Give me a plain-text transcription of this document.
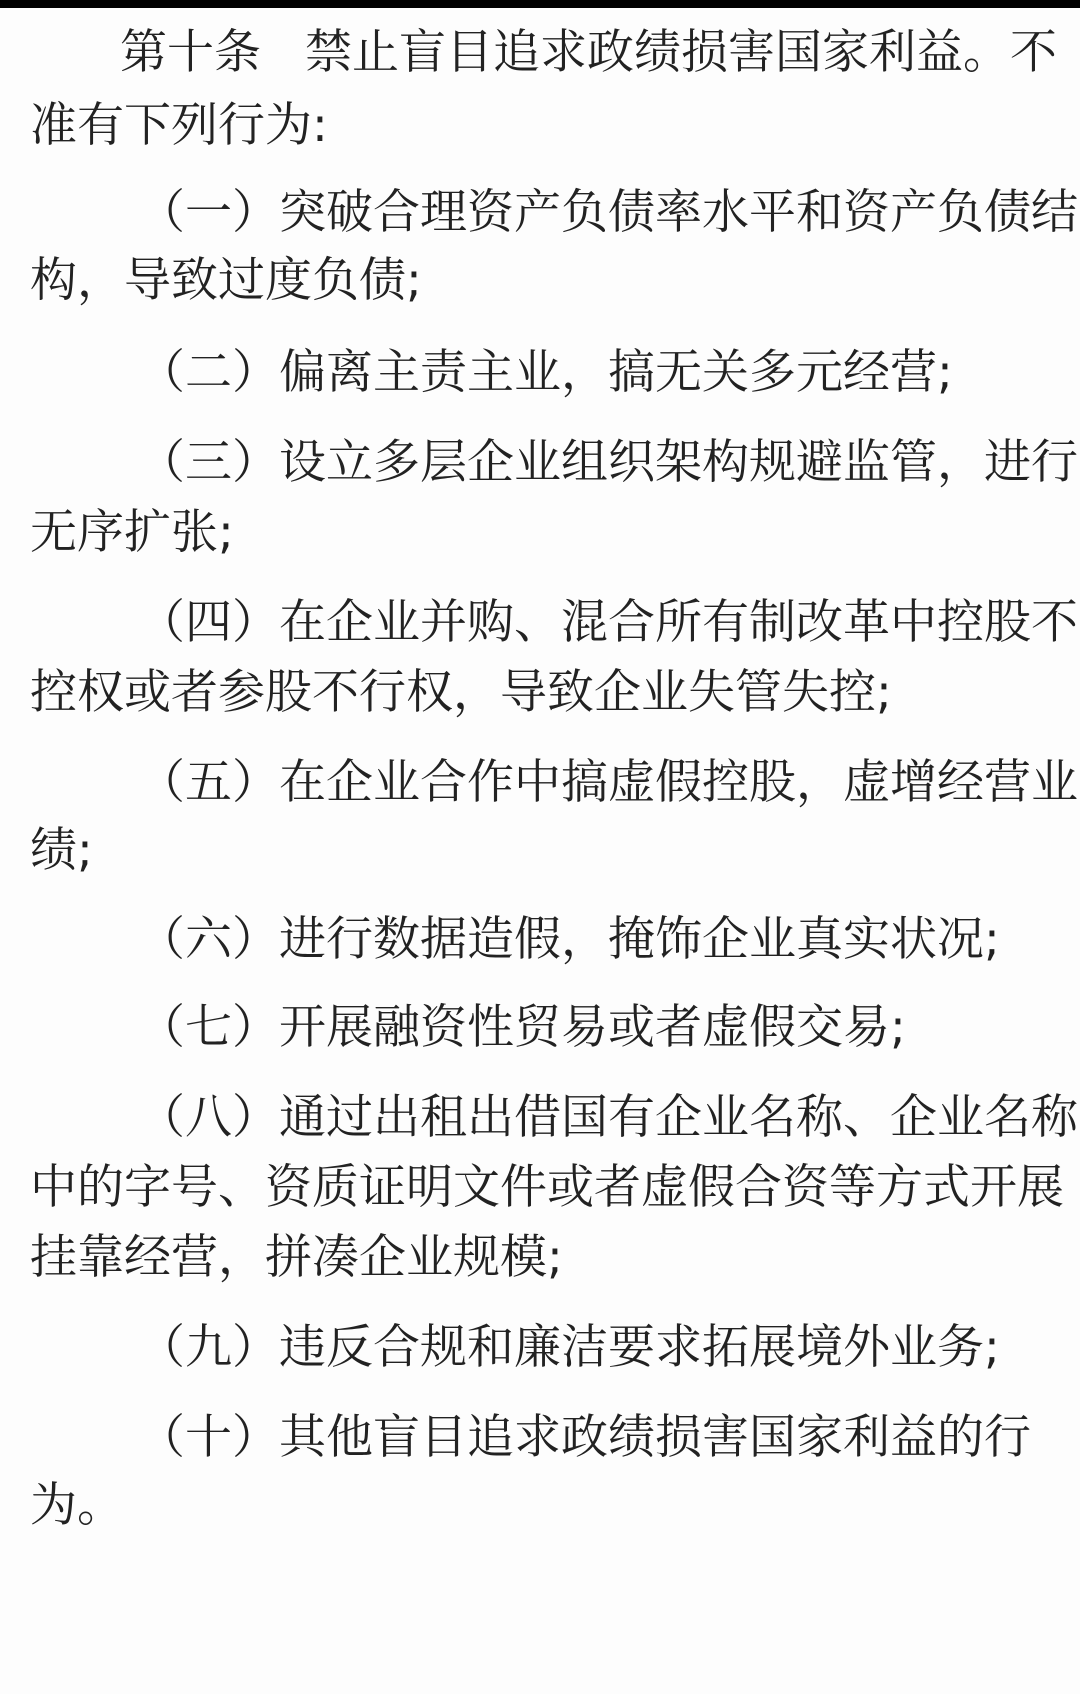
第十条 禁止盲目追求政绩损害国家利益。不
准有下列行为:
（一）突破合理资产负债率水平和资产负债结
构，导致过度负债;
（二）偏离主责主业，搞无关多元经营;
（三）设立多层企业组织架构规避监管，进行
无序扩张;
（四）在企业并购、混合所有制改革中控股不
控权或者参股不行权，导致企业失管失控;
（五）在企业合作中搞虚假控股，虚增经营业
绩;
（六）进行数据造假，掩饰企业真实状况;
（七）开展融资性贸易或者虚假交易;
（八）通过出租出借国有企业名称、企业名称
中的字号、资质证明文件或者虚假合资等方式开展
挂靠经营，拼凑企业规模;
（九）违反合规和廉洁要求拓展境外业务;
（十）其他盲目追求政绩损害国家利益的行
为。
